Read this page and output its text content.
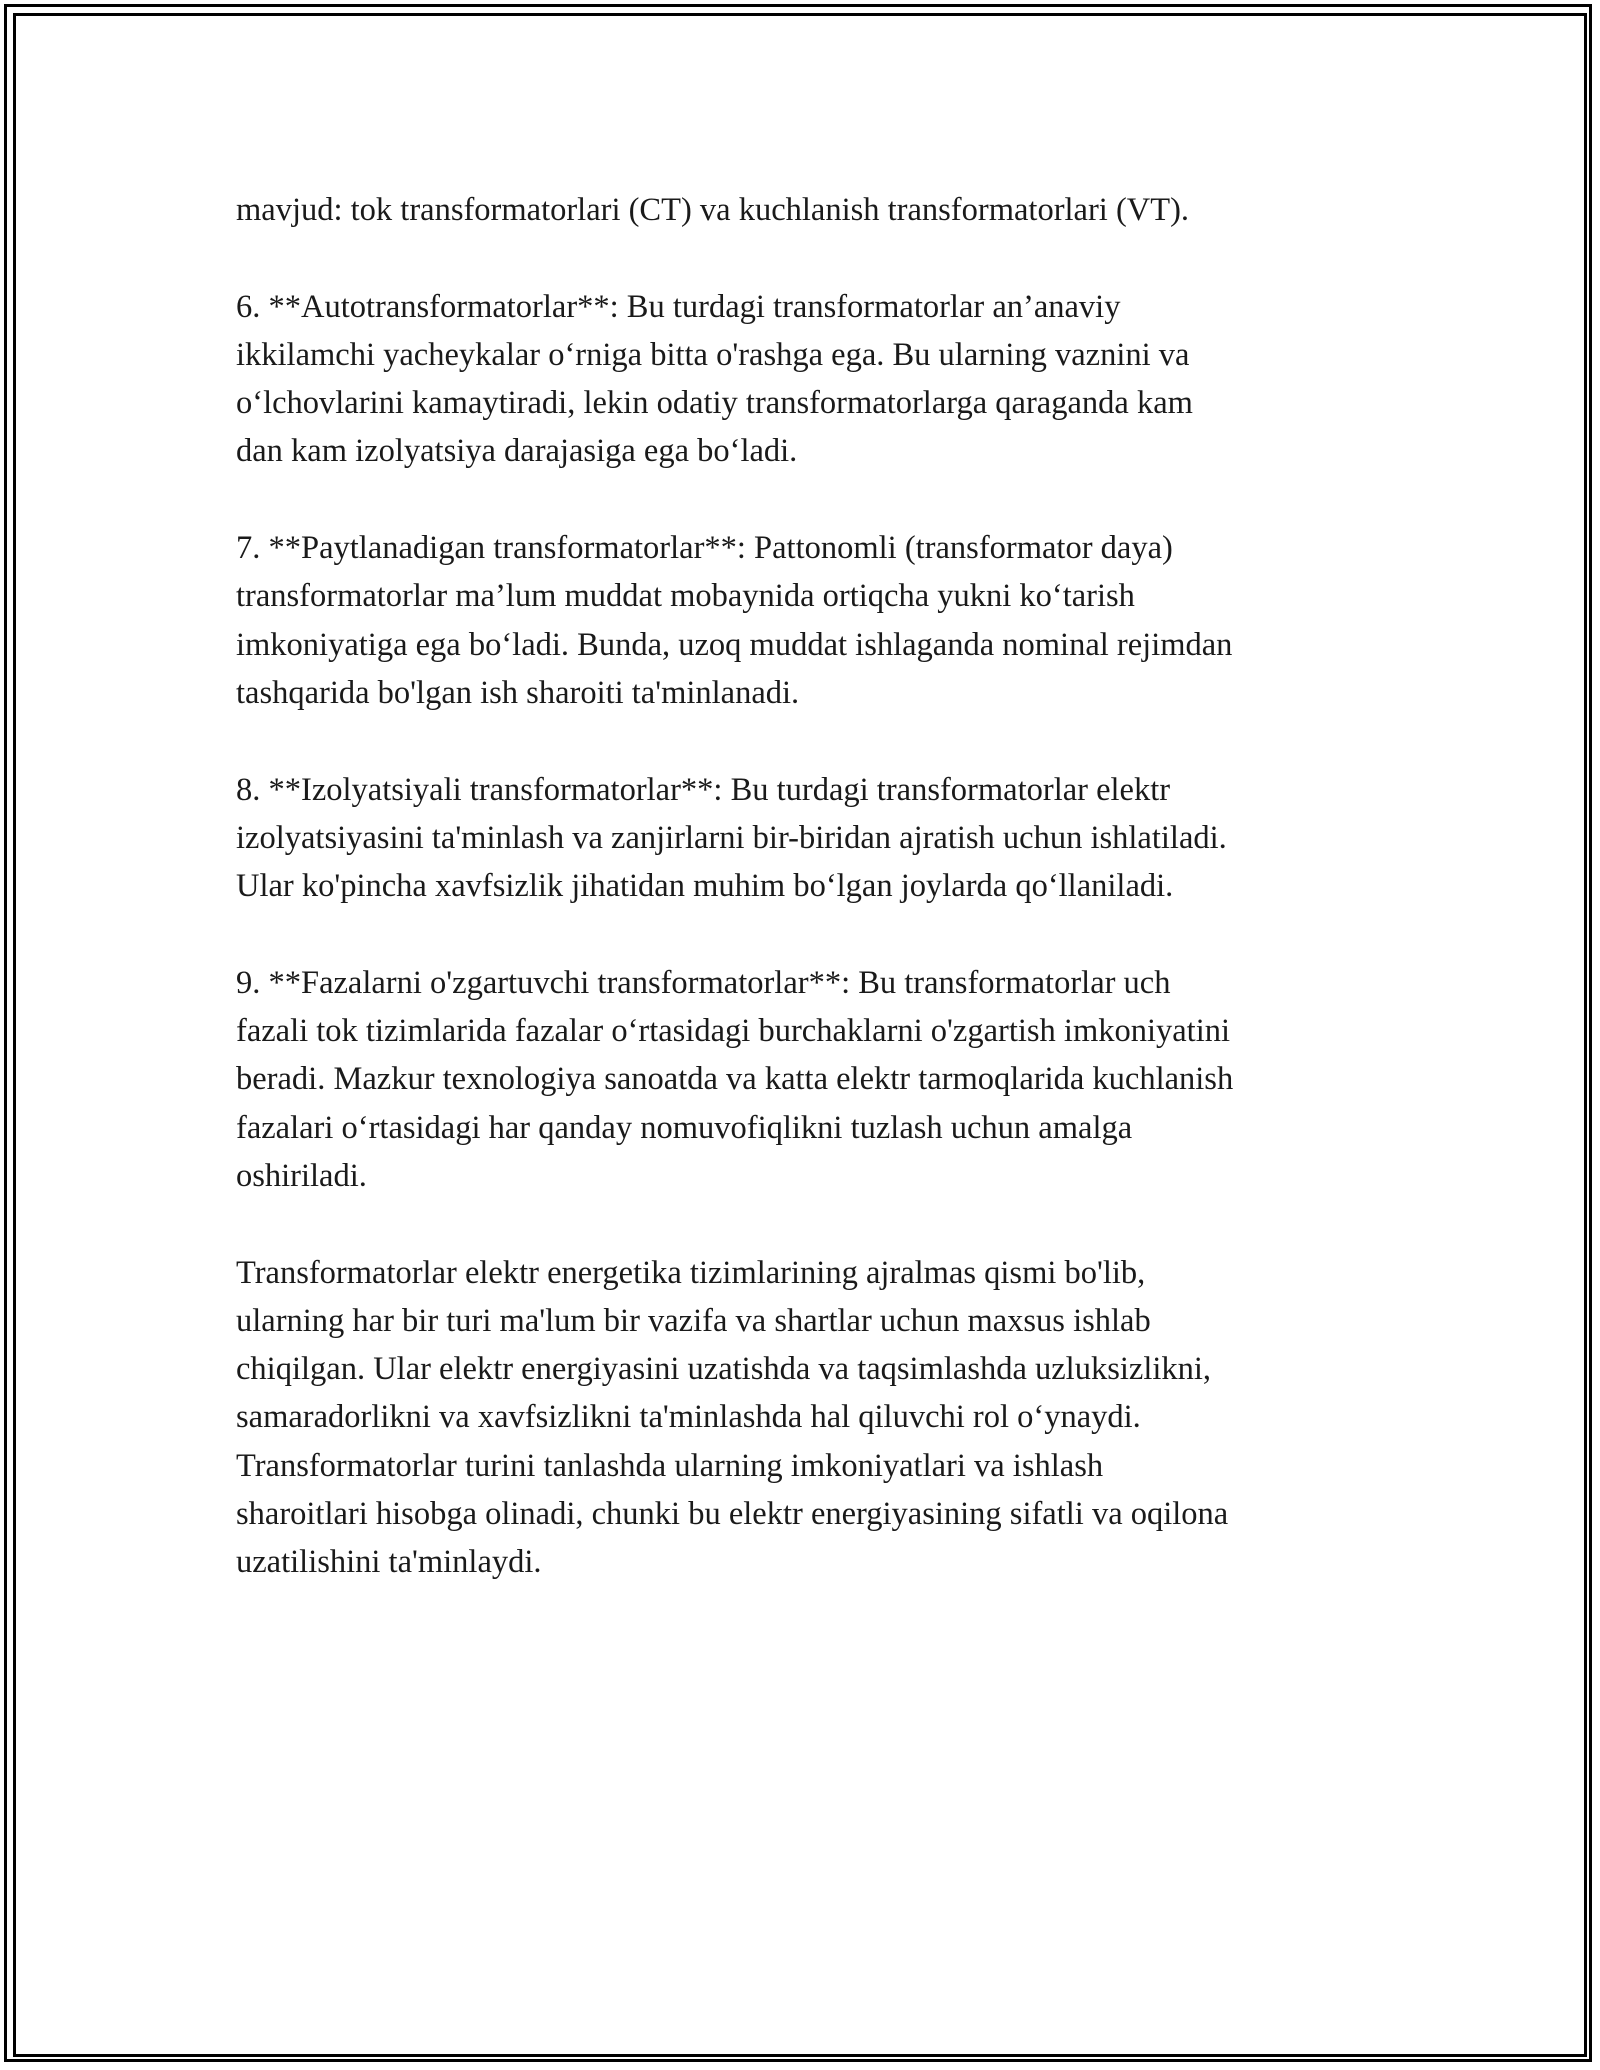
mavjud: tok transformatorlari (CT) va kuchlanish transformatorlari (VT).

6. **Autotransformatorlar**: Bu turdagi transformatorlar an’anaviy
ikkilamchi yacheykalar o‘rniga bitta o'rashga ega. Bu ularning vaznini va
o‘lchovlarini kamaytiradi, lekin odatiy transformatorlarga qaraganda kam
dan kam izolyatsiya darajasiga ega bo‘ladi.

7. **Paytlanadigan transformatorlar**: Pattonomli (transformator daya)
transformatorlar ma’lum muddat mobaynida ortiqcha yukni ko‘tarish
imkoniyatiga ega bo‘ladi. Bunda, uzoq muddat ishlaganda nominal rejimdan
tashqarida bo'lgan ish sharoiti ta'minlanadi.

8. **Izolyatsiyali transformatorlar**: Bu turdagi transformatorlar elektr
izolyatsiyasini ta'minlash va zanjirlarni bir-biridan ajratish uchun ishlatiladi.
Ular ko'pincha xavfsizlik jihatidan muhim bo‘lgan joylarda qo‘llaniladi.

9. **Fazalarni o'zgartuvchi transformatorlar**: Bu transformatorlar uch
fazali tok tizimlarida fazalar o‘rtasidagi burchaklarni o'zgartish imkoniyatini
beradi. Mazkur texnologiya sanoatda va katta elektr tarmoqlarida kuchlanish
fazalari o‘rtasidagi har qanday nomuvofiqlikni tuzlash uchun amalga
oshiriladi.

Transformatorlar elektr energetika tizimlarining ajralmas qismi bo'lib,
ularning har bir turi ma'lum bir vazifa va shartlar uchun maxsus ishlab
chiqilgan. Ular elektr energiyasini uzatishda va taqsimlashda uzluksizlikni,
samaradorlikni va xavfsizlikni ta'minlashda hal qiluvchi rol o‘ynaydi.
Transformatorlar turini tanlashda ularning imkoniyatlari va ishlash
sharoitlari hisobga olinadi, chunki bu elektr energiyasining sifatli va oqilona
uzatilishini ta'minlaydi.
